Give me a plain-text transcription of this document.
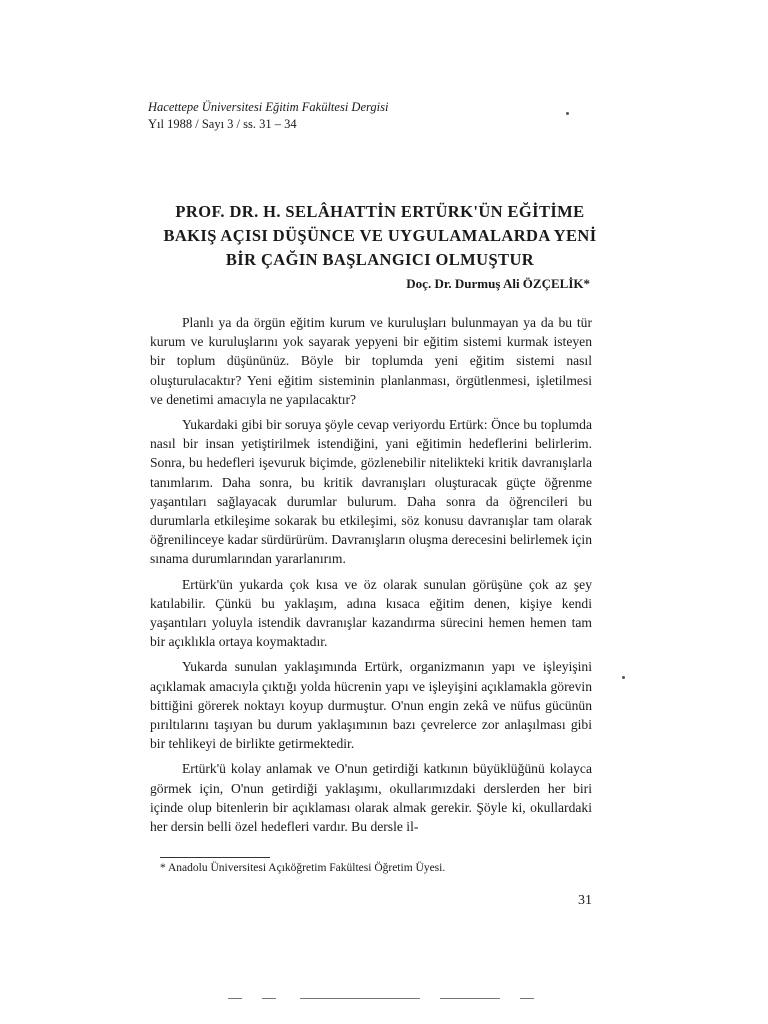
Hacettepe Üniversitesi Eğitim Fakültesi Dergisi
Yıl 1988 / Sayı 3 / ss. 31 – 34
PROF. DR. H. SELÂHATTİN ERTÜRK'ÜN EĞİTİME
BAKIŞ AÇISI DÜŞÜNCE VE UYGULAMALARDA YENİ
BİR ÇAĞIN BAŞLANGICI OLMUŞTUR
Doç. Dr. Durmuş Ali ÖZÇELİK*

Planlı ya da örgün eğitim kurum ve kuruluşları bulunmayan ya da bu tür kurum ve kuruluşlarını yok sayarak yepyeni bir eğitim sistemi kurmak isteyen bir toplum düşününüz. Böyle bir toplumda yeni eğitim sistemi nasıl oluşturulacaktır? Yeni eğitim sisteminin planlanması, örgütlenmesi, işletilmesi ve denetimi amacıyla ne yapılacaktır?

Yukardaki gibi bir soruya şöyle cevap veriyordu Ertürk: Önce bu toplumda nasıl bir insan yetiştirilmek istendiğini, yani eğitimin hedeflerini belirlerim. Sonra, bu hedefleri işevuruk biçimde, gözlenebilir nitelikteki kritik davranışlarla tanımlarım. Daha sonra, bu kritik davranışları oluşturacak güçte öğrenme yaşantıları sağlayacak durumlar bulurum. Daha sonra da öğrencileri bu durumlarla etkileşime sokarak bu etkileşimi, söz konusu davranışlar tam olarak öğrenilinceye kadar sürdürürüm. Davranışların oluşma derecesini belirlemek için sınama durumlarından yararlanırım.

Ertürk'ün yukarda çok kısa ve öz olarak sunulan görüşüne çok az şey katılabilir. Çünkü bu yaklaşım, adına kısaca eğitim denen, kişiye kendi yaşantıları yoluyla istendik davranışlar kazandırma sürecini hemen hemen tam bir açıklıkla ortaya koymaktadır.

Yukarda sunulan yaklaşımında Ertürk, organizmanın yapı ve işleyişini açıklamak amacıyla çıktığı yolda hücrenin yapı ve işleyişini açıklamakla görevin bittiğini görerek noktayı koyup durmuştur. O'nun engin zekâ ve nüfus gücünün pırıltılarını taşıyan bu durum yaklaşımının bazı çevrelerce zor anlaşılması gibi bir tehlikeyi de birlikte getirmektedir.

Ertürk'ü kolay anlamak ve O'nun getirdiği katkının büyüklüğünü kolayca görmek için, O'nun getirdiği yaklaşımı, okullarımızdaki derslerden her biri içinde olup bitenlerin bir açıklaması olarak almak gerekir. Şöyle ki, okullardaki her dersin belli özel hedefleri vardır. Bu dersle il-

* Anadolu Üniversitesi Açıköğretim Fakültesi Öğretim Üyesi.
31
